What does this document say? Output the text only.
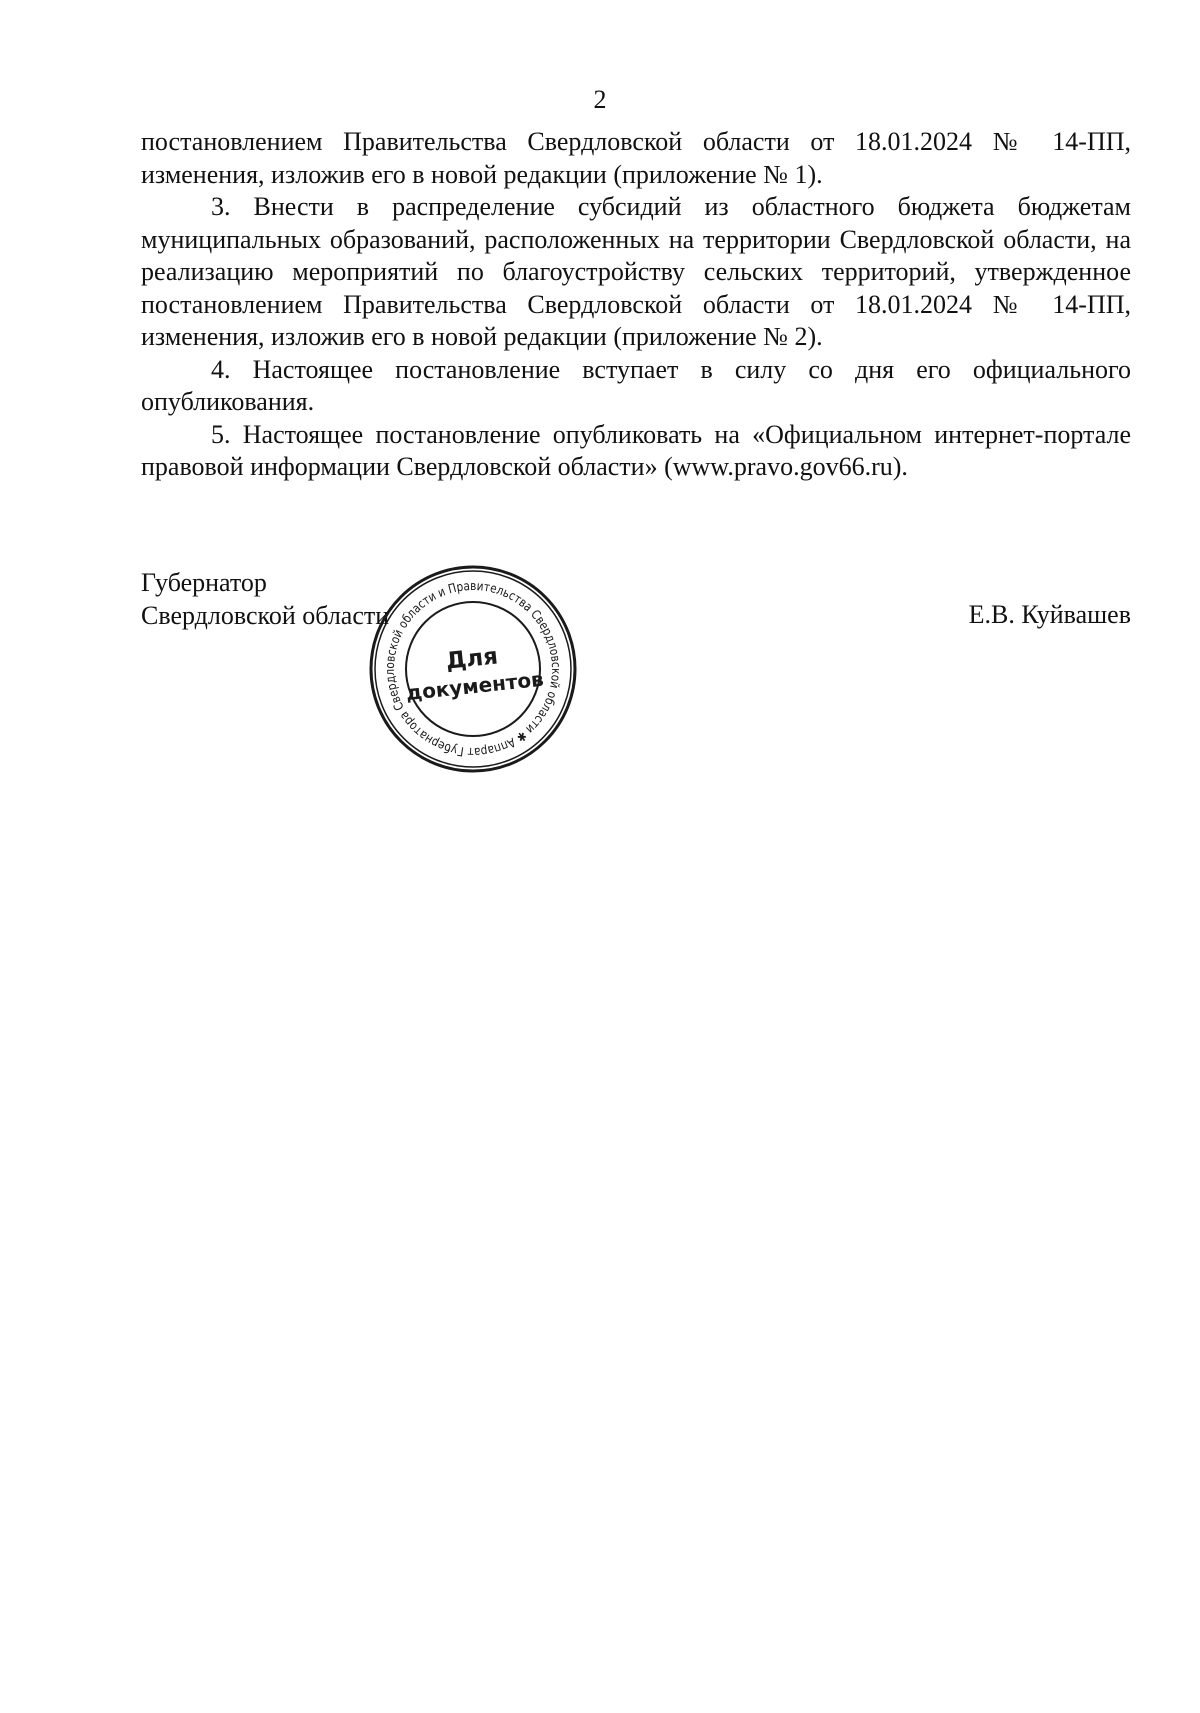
2

постановлением Правительства Свердловской области от 18.01.2024 № 14-ПП, изменения, изложив его в новой редакции (приложение № 1).

3. Внести в распределение субсидий из областного бюджета бюджетам муниципальных образований, расположенных на территории Свердловской области, на реализацию мероприятий по благоустройству сельских территорий, утвержденное постановлением Правительства Свердловской области от 18.01.2024 № 14-ПП, изменения, изложив его в новой редакции (приложение № 2).

4. Настоящее постановление вступает в силу со дня его официального опубликования.

5. Настоящее постановление опубликовать на «Официальном интернет-портале правовой информации Свердловской области» (www.pravo.gov66.ru).

Губернатор
Свердловской области	Е.В. Куйвашев
Аппарат Губернатора Свердловской области и Правительства Свердловской области ✱
Для
документов
